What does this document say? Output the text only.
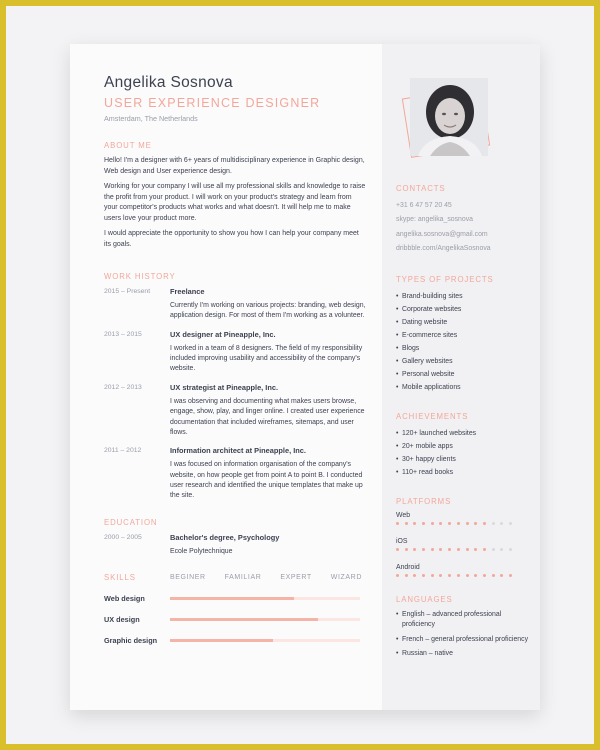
Angelika Sosnova
USER EXPERIENCE DESIGNER
Amsterdam, The Netherlands
ABOUT ME

Hello! I'm a designer with 6+ years of multidisciplinary experience in Graphic design, Web design and User experience design.

Working for your company I will use all my professional skills and knowledge to raise the profit from your product. I will work on your product's strategy and learn from your competitor's products what works and what doesn't. It will help me to make users love your product more.

I would appreciate the opportunity to show you how I can help your company meet its goals.

WORK HISTORY
2015 – Present	Freelance
Currently I'm working on various projects: branding, web design, application design. For most of them I'm working as a volunteer.
2013 – 2015	UX designer at Pineapple, Inc.
I worked in a team of 8 designers. The field of my responsibility included improving usability and accessibility of the company's website.
2012 – 2013	UX strategist at Pineapple, Inc.
I was observing and documenting what makes users browse, engage, show, play, and linger online. I created user experience documentation that included wireframes, sitemaps, and user flows.
2011 – 2012	Information architect at Pineapple, Inc.
I was focused on information organisation of the company's website, on how people get from point A to point B. I conducted user research and identified the unique templates that make up the site.
EDUCATION
2000 – 2005	Bachelor's degree, Psychology
Ecole Polytechnique
SKILLS	BEGINER	FAMILIAR	EXPERT	WIZARD
Web design
UX design
Graphic design
CONTACTS
+31 6 47 57 20 45
skype: angelika_sosnova
angelika.sosnova@gmail.com
dribbble.com/AngelikaSosnova
TYPES OF PROJECTS
• Brand-building sites
• Corporate websites
• Dating website
• E-commerce sites
• Blogs
• Gallery websites
• Personal website
• Mobile applications
ACHIEVEMENTS
• 120+ launched websites
• 20+ mobile apps
• 30+ happy clients
• 110+ read books
PLATFORMS
Web
iOS
Android
LANGUAGES
• English – advanced professional proficiency
• French – general professional proficiency
• Russian – native
